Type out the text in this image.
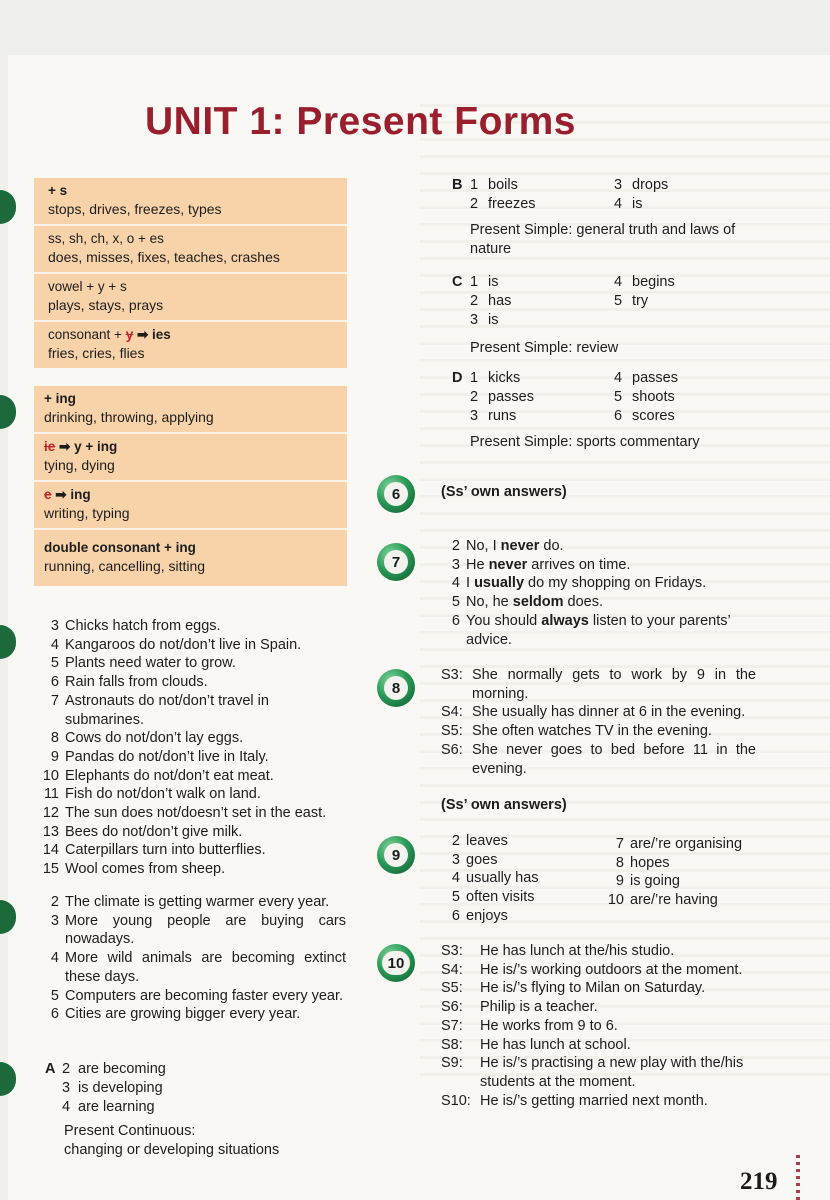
UNIT 1: Present Forms
+ s
stops, drives, freezes, types
ss, sh, ch, x, o + es
does, misses, fixes, teaches, crashes
vowel + y + s
plays, stays, prays
consonant + y ➡ ies
fries, cries, flies
+ ing
drinking, throwing, applying
ie ➡ y + ing
tying, dying
e ➡ ing
writing, typing
double consonant + ing
running, cancelling, sitting
3 Chicks hatch from eggs.
4 Kangaroos do not/don’t live in Spain.
5 Plants need water to grow.
6 Rain falls from clouds.
7 Astronauts do not/don’t travel in submarines.
8 Cows do not/don’t lay eggs.
9 Pandas do not/don’t live in Italy.
10 Elephants do not/don’t eat meat.
11 Fish do not/don’t walk on land.
12 The sun does not/doesn’t set in the east.
13 Bees do not/don’t give milk.
14 Caterpillars turn into butterflies.
15 Wool comes from sheep.
2 The climate is getting warmer every year.
3 More young people are buying cars nowadays.
4 More wild animals are becoming extinct these days.
5 Computers are becoming faster every year.
6 Cities are growing bigger every year.
A 2 are becoming
3 is developing
4 are learning
Present Continuous:
changing or developing situations
B 1 boils	3 drops
2 freezes	4 is
Present Simple: general truth and laws of nature
C 1 is	4 begins
2 has	5 try
3 is
Present Simple: review
D 1 kicks	4 passes
2 passes	5 shoots
3 runs	6 scores
Present Simple: sports commentary
6	(Ss’ own answers)
7
2 No, I never do.
3 He never arrives on time.
4 I usually do my shopping on Fridays.
5 No, he seldom does.
6 You should always listen to your parents’ advice.
8
S3: She normally gets to work by 9 in the morning.
S4: She usually has dinner at 6 in the evening.
S5: She often watches TV in the evening.
S6: She never goes to bed before 11 in the evening.
(Ss’ own answers)
9
2 leaves
3 goes
4 usually has
5 often visits
6 enjoys
7 are/’re organising
8 hopes
9 is going
10 are/’re having
10
S3:	He has lunch at the/his studio.
S4:	He is/’s working outdoors at the moment.
S5:	He is/’s flying to Milan on Saturday.
S6:	Philip is a teacher.
S7:	He works from 9 to 6.
S8:	He has lunch at school.
S9:	He is/’s practising a new play with the/his students at the moment.
S10: He is/’s getting married next month.
219
